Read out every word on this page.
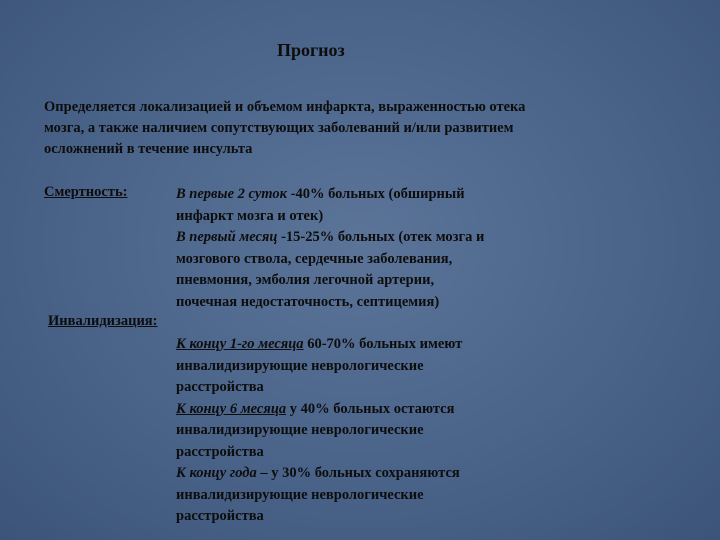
Прогноз
Определяется локализацией и объемом инфаркта, выраженностью отека
мозга, а также наличием сопутствующих заболеваний и/или развитием
осложнений в течение инсульта
Смертность:	В первые 2 суток -40% больных (обширный
инфаркт мозга и отек)
В первый месяц -15-25% больных (отек мозга и
мозгового ствола, сердечные заболевания,
пневмония, эмболия легочной артерии,
почечная недостаточность, септицемия)
Инвалидизация:
К концу 1-го месяца 60-70% больных имеют
инвалидизирующие неврологические
расстройства
К концу 6 месяца у 40% больных остаются
инвалидизирующие неврологические
расстройства
К концу года – у 30% больных сохраняются
инвалидизирующие неврологические
расстройства
